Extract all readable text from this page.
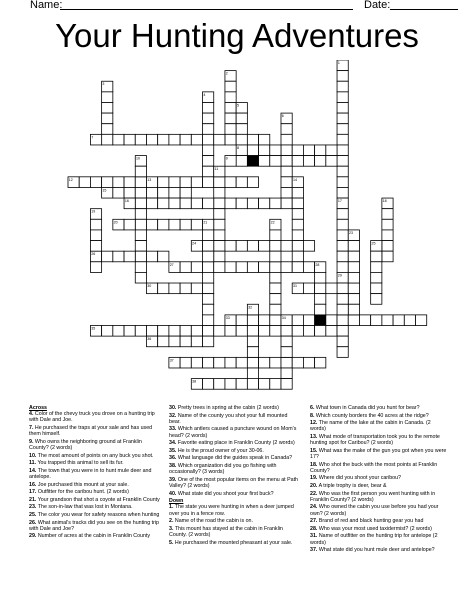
Name:	Date:
Your Hunting Adventures
1
17
2
3
6
5
8
4
7
9
12	13
15
10
11
14
29
18
16
20	21
24
26
27	28
30	31
33	34
35
36
37
38
19
22
23
25
32
Across
4. Color of the chevy truck you drove on a hunting trip with Dale and Joe.
7. He purchased the traps at your sale and has used them himself.
9. Who owns the neighboring ground at Franklin County? (2 words)
10. The most amount of points on any buck you shot.
11. You trapped this animal to sell its fur.
14. The town that you were in to hunt mule deer and antelope.
16. Joe purchased this mount at your sale.
17. Outfitter for the caribou hunt. (2 words)
21. Your grandson that shot a coyote at Franklin County
23. The son-in-law that was lost in Montana.
25. The color you wear for safety reasons when hunting
26. What animal's tracks did you see on the hunting trip with Dale and Joe?
29. Number of acres at the cabin in Franklin County
30. Pretty trees in spring at the cabin (2 words)
32. Name of the county you shot your full mounted bear.
33. Which antlers caused a puncture wound on Mom's head? (2 words)
34. Favorite eating place in Franklin County (2 words)
35. He is the proud owner of your 30-06.
36. What language did the guides speak in Canada?
38. Which organization did you go fishing with occasionally? (3 words)
39. One of the most popular items on the menu at Path Valley? (2 words)
40. What state did you shoot your first buck?
Down
1. The state you were hunting in when a deer jumped over you in a fence row.
2. Name of the road the cabin is on.
3. This mount has stayed at the cabin in Franklin County. (2 words)
5. He purchased the mounted pheasant at your sale.
6. What town in Canada did you hunt for bear?
8. Which county borders the 40 acres at the ridge?
12. The name of the lake at the cabin in Canada. (2 words)
13. What mode of transportation took you to the remote hunting spot for Caribou? (2 words)
15. What was the make of the gun you got when you were 17?
18. Who shot the buck with the most points at Franklin County?
19. Where did you shoot your caribou?
20. A triple trophy is deer, bear &
22. Who was the first person you went hunting with in Franklin County? (2 words)
24. Who owned the cabin you use before you had your own? (2 words)
27. Brand of red and black hunting gear you had
28. Who was your most used taxidermist? (2 words)
31. Name of outfitter on the hunting trip for antelope (2 words)
37. What state did you hunt mule deer and antelope?
